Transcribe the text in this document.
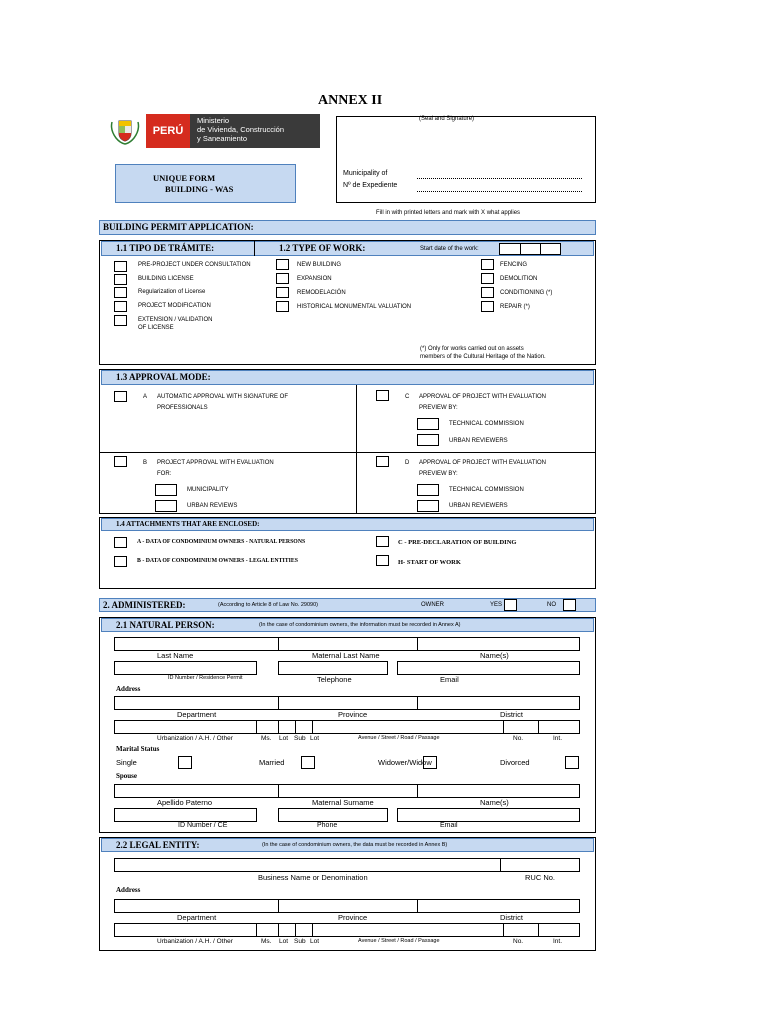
ANNEX II
PERÚ
Ministerio
de Vivienda, Construcción
y Saneamiento
(Seal and Signature)
Municipality of
Nº de Expediente
UNIQUE FORM
BUILDING - WAS
Fill in with printed letters and mark with X what applies
BUILDING PERMIT APPLICATION:
1.1 TIPO DE TRÁMITE:	1.2 TYPE OF WORK:	Start date of the work:
PRE-PROJECT UNDER CONSULTATION
BUILDING LICENSE
Regularization of License
PROJECT MODIFICATION
EXTENSION / VALIDATION
OF LICENSE
NEW BUILDING
EXPANSION
REMODELACIÓN
HISTORICAL MONUMENTAL VALUATION
FENCING
DEMOLITION
CONDITIONING (*)
REPAIR (*)
(*) Only for works carried out on assets
members of the Cultural Heritage of the Nation.
1.3 APPROVAL MODE:
A AUTOMATIC APPROVAL WITH SIGNATURE OF
PROFESSIONALS
C APPROVAL OF PROJECT WITH EVALUATION
PREVIEW BY:
TECHNICAL COMMISSION
URBAN REVIEWERS
B PROJECT APPROVAL WITH EVALUATION
FOR:
MUNICIPALITY
URBAN REVIEWS
D APPROVAL OF PROJECT WITH EVALUATION
PREVIEW BY:
TECHNICAL COMMISSION
URBAN REVIEWERS
1.4 ATTACHMENTS THAT ARE ENCLOSED:
A - DATA OF CONDOMINIUM OWNERS - NATURAL PERSONS
B - DATA OF CONDOMINIUM OWNERS - LEGAL ENTITIES
C - PRE-DECLARATION OF BUILDING
H- START OF WORK
2. ADMINISTERED:	(According to Article 8 of Law No. 29090)	OWNER	YES	NO
2.1 NATURAL PERSON:	(In the case of condominium owners, the information must be recorded in Annex A)
Last Name	Maternal Last Name	Name(s)
ID Number / Residence Permit	Telephone	Email
Address
Department	Province	District
Urbanization / A.H. / Other	Ms. Lot Sub Lot	Avenue / Street / Road / Passage	No.	Int.
Marital Status
Single	Married	Widower/Widow	Divorced
Spouse
Apellido Paterno	Maternal Surname	Name(s)
ID Number / CE	Phone	Email
2.2 LEGAL ENTITY:	(In the case of condominium owners, the data must be recorded in Annex B)
Business Name or Denomination	RUC No.
Address
Department	Province	District
Urbanization / A.H. / Other	Ms. Lot Sub Lot	Avenue / Street / Road / Passage	No.	Int.
